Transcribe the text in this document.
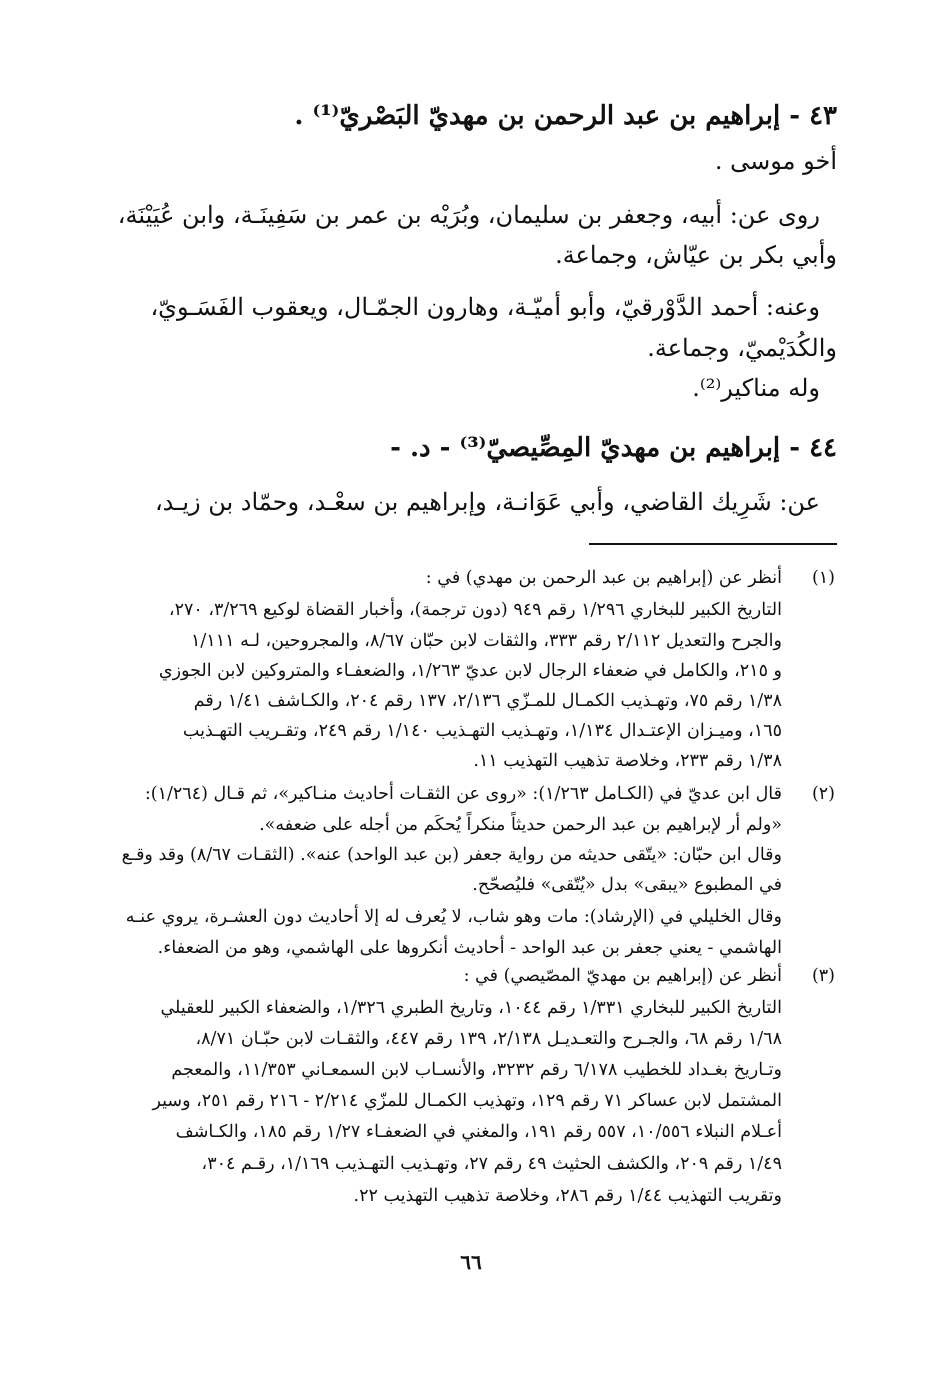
٤٣ - إبراهيم بن عبد الرحمن بن مهديّ البَصْريّ⁽¹⁾ .
أخو موسى .
روى عن: أبيه، وجعفر بن سليمان، وبُرَيْه بن عمر بن سَفِينَـة، وابن عُيَيْنَة،
وأبي بكر بن عيّاش، وجماعة.
وعنه: أحمد الدَّوْرقيّ، وأبو أميّـة، وهارون الجمّـال، ويعقوب الفَسَـويّ،
والكُدَيْميّ، وجماعة.
وله مناكير⁽²⁾.
٤٤ - إبراهيم بن مهديّ المِصِّيصيّ⁽³⁾ - د. -
عن: شَرِيك القاضي، وأبي عَوَانـة، وإبراهيم بن سعْـد، وحمّاد بن زيـد،
(١)
أنظر عن (إبراهيم بن عبد الرحمن بن مهدي) في :
التاريخ الكبير للبخاري ١/٢٩٦ رقم ٩٤٩ (دون ترجمة)، وأخبار القضاة لوكيع ٣/٢٦٩، ٢٧٠،
والجرح والتعديل ٢/١١٢ رقم ٣٣٣، والثقات لابن حبّان ٨/٦٧، والمجروحين، لـه ١/١١١
و ٢١٥، والكامل في ضعفاء الرجال لابن عديّ ١/٢٦٣، والضعفـاء والمتروكين لابن الجوزي
١/٣٨ رقم ٧٥، وتهـذيب الكمـال للمـزّي ٢/١٣٦، ١٣٧ رقم ٢٠٤، والكـاشف ١/٤١ رقم
١٦٥، وميـزان الإعتـدال ١/١٣٤، وتهـذيب التهـذيب ١/١٤٠ رقم ٢٤٩، وتقـريب التهـذيب
١/٣٨ رقم ٢٣٣، وخلاصة تذهيب التهذيب ١١.
(٢)
قال ابن عديّ في (الكـامل ١/٢٦٣): «روى عن الثقـات أحاديث منـاكير»، ثم قـال (١/٢٦٤):
«ولم أر لإبراهيم بن عبد الرحمن حديثاً منكراً يُحكَم من أجله على ضعفه».
وقال ابن حبّان: «يتّقى حديثه من رواية جعفر (بن عبد الواحد) عنه». (الثقـات ٨/٦٧) وقد وقـع
في المطبوع «يبقى» بدل «يُتّقى» فليُصحّح.
وقال الخليلي في (الإرشاد): مات وهو شاب، لا يُعرف له إلا أحاديث دون العشـرة، يروي عنـه
الهاشمي - يعني جعفر بن عبد الواحد - أحاديث أنكروها على الهاشمي، وهو من الضعفاء.
(٣)
أنظر عن (إبراهيم بن مهديّ المصّيصي) في :
التاريخ الكبير للبخاري ١/٣٣١ رقم ١٠٤٤، وتاريخ الطبري ١/٣٢٦، والضعفاء الكبير للعقيلي
١/٦٨ رقم ٦٨، والجـرح والتعـديـل ٢/١٣٨، ١٣٩ رقم ٤٤٧، والثقـات لابن حبّـان ٨/٧١،
وتـاريخ بغـداد للخطيب ٦/١٧٨ رقم ٣٢٣٢، والأنسـاب لابن السمعـاني ١١/٣٥٣، والمعجم
المشتمل لابن عساكر ٧١ رقم ١٢٩، وتهذيب الكمـال للمزّي ٢/٢١٤ - ٢١٦ رقم ٢٥١، وسير
أعـلام النبلاء ١٠/٥٥٦، ٥٥٧ رقم ١٩١، والمغني في الضعفـاء ١/٢٧ رقم ١٨٥، والكـاشف
١/٤٩ رقم ٢٠٩، والكشف الحثيث ٤٩ رقم ٢٧، وتهـذيب التهـذيب ١/١٦٩، رقـم ٣٠٤،
وتقريب التهذيب ١/٤٤ رقم ٢٨٦، وخلاصة تذهيب التهذيب ٢٢.
٦٦
